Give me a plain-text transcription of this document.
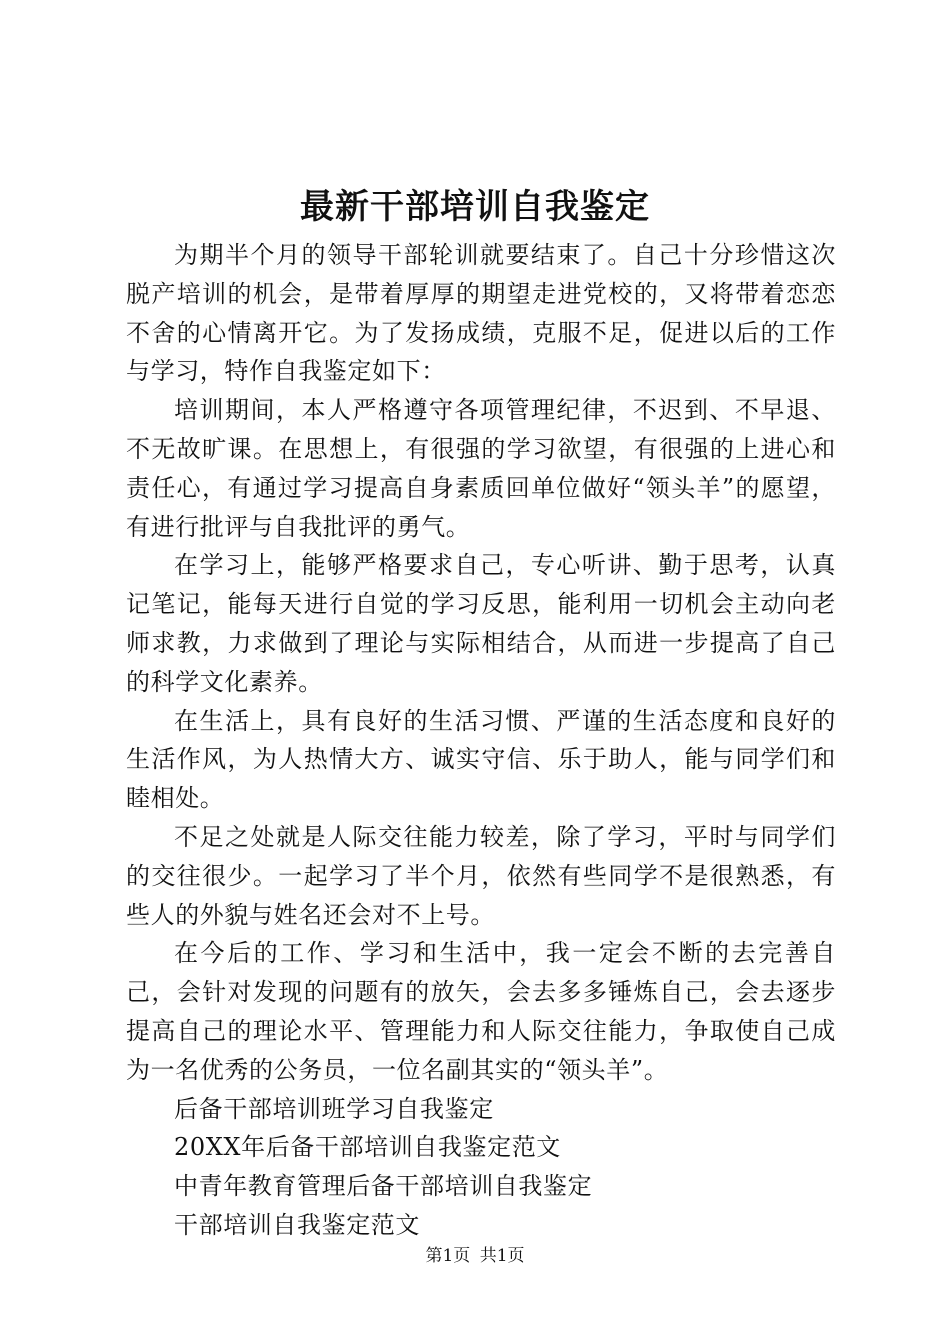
最新干部培训自我鉴定

为期半个月的领导干部轮训就要结束了。自己十分珍惜这次脱产培训的机会，是带着厚厚的期望走进党校的，又将带着恋恋不舍的心情离开它。为了发扬成绩，克服不足，促进以后的工作与学习，特作自我鉴定如下：

培训期间，本人严格遵守各项管理纪律，不迟到、不早退、不无故旷课。在思想上，有很强的学习欲望，有很强的上进心和责任心，有通过学习提高自身素质回单位做好“领头羊”的愿望，有进行批评与自我批评的勇气。

在学习上，能够严格要求自己，专心听讲、勤于思考，认真记笔记，能每天进行自觉的学习反思，能利用一切机会主动向老师求教，力求做到了理论与实际相结合，从而进一步提高了自己的科学文化素养。

在生活上，具有良好的生活习惯、严谨的生活态度和良好的生活作风，为人热情大方、诚实守信、乐于助人，能与同学们和睦相处。

不足之处就是人际交往能力较差，除了学习，平时与同学们的交往很少。一起学习了半个月，依然有些同学不是很熟悉，有些人的外貌与姓名还会对不上号。

在今后的工作、学习和生活中，我一定会不断的去完善自己，会针对发现的问题有的放矢，会去多多锤炼自己，会去逐步提高自己的理论水平、管理能力和人际交往能力，争取使自己成为一名优秀的公务员，一位名副其实的“领头羊”。

后备干部培训班学习自我鉴定

20XX年后备干部培训自我鉴定范文

中青年教育管理后备干部培训自我鉴定

干部培训自我鉴定范文

第1页 共1页
